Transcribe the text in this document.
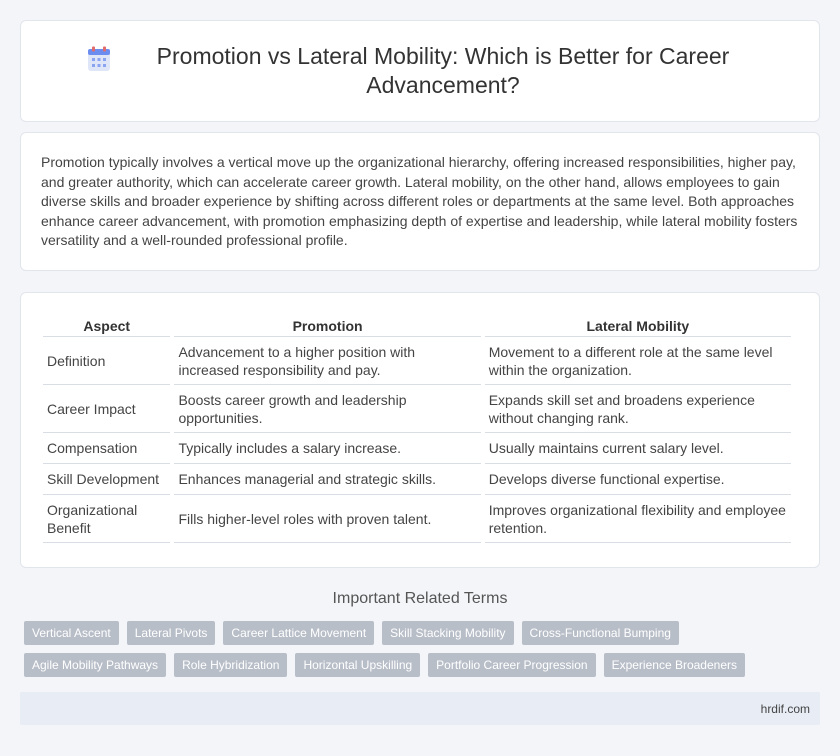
Promotion vs Lateral Mobility: Which is Better for Career Advancement?

Promotion typically involves a vertical move up the organizational hierarchy, offering increased responsibilities, higher pay, and greater authority, which can accelerate career growth. Lateral mobility, on the other hand, allows employees to gain diverse skills and broader experience by shifting across different roles or departments at the same level. Both approaches enhance career advancement, with promotion emphasizing depth of expertise and leadership, while lateral mobility fosters versatility and a well-rounded professional profile.

Aspect	Promotion	Lateral Mobility
Definition	Advancement to a higher position with increased responsibility and pay.	Movement to a different role at the same level within the organization.
Career Impact	Boosts career growth and leadership opportunities.	Expands skill set and broadens experience without changing rank.
Compensation	Typically includes a salary increase.	Usually maintains current salary level.
Skill Development	Enhances managerial and strategic skills.	Develops diverse functional expertise.
Organizational Benefit	Fills higher-level roles with proven talent.	Improves organizational flexibility and employee retention.
Important Related Terms
Vertical Ascent	Lateral Pivots	Career Lattice Movement	Skill Stacking Mobility	Cross-Functional Bumping
Agile Mobility Pathways	Role Hybridization	Horizontal Upskilling	Portfolio Career Progression	Experience Broadeners
hrdif.com
